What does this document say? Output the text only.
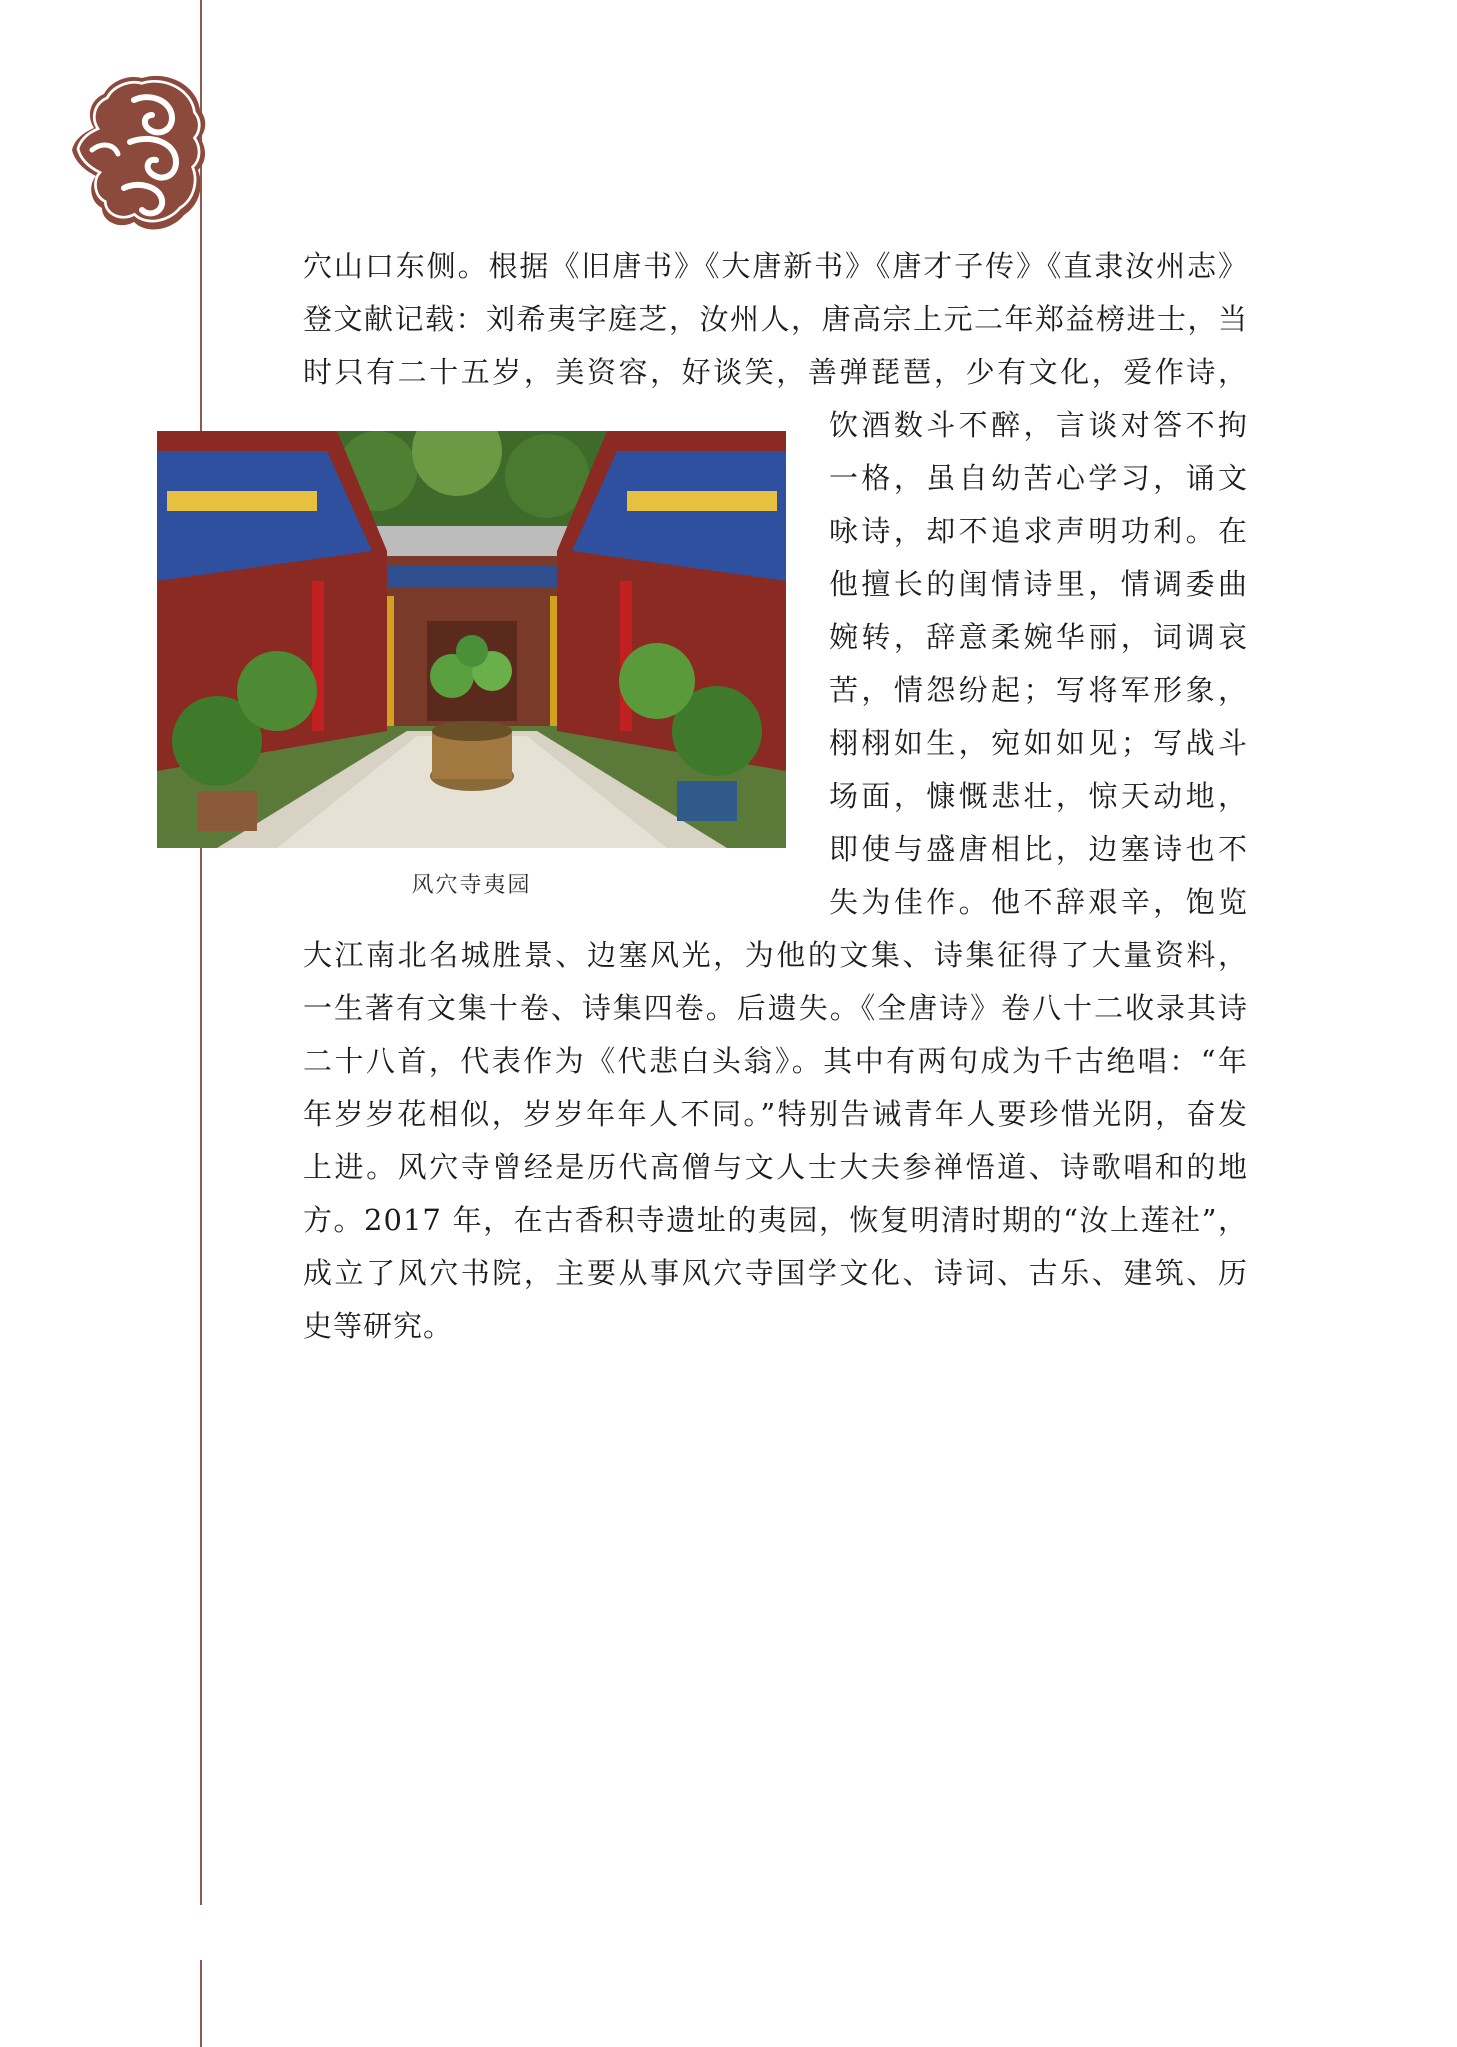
穴山口东侧。根据《旧唐书》《大唐新书》《唐才子传》《直隶汝州志》
登文献记载：刘希夷字庭芝，汝州人，唐高宗上元二年郑益榜进士，当
时只有二十五岁，美资容，好谈笑，善弹琵琶，少有文化，爱作诗，
风穴寺夷园
饮酒数斗不醉，言谈对答不拘
一格，虽自幼苦心学习，诵文
咏诗，却不追求声明功利。在
他擅长的闺情诗里，情调委曲
婉转，辞意柔婉华丽，词调哀
苦，情怨纷起；写将军形象，
栩栩如生，宛如如见；写战斗
场面，慷慨悲壮，惊天动地，
即使与盛唐相比，边塞诗也不
失为佳作。他不辞艰辛，饱览
大江南北名城胜景、边塞风光，为他的文集、诗集征得了大量资料，
一生著有文集十卷、诗集四卷。后遗失。《全唐诗》卷八十二收录其诗
二十八首，代表作为《代悲白头翁》。其中有两句成为千古绝唱：“年
年岁岁花相似，岁岁年年人不同。”特别告诫青年人要珍惜光阴，奋发
上进。风穴寺曾经是历代高僧与文人士大夫参禅悟道、诗歌唱和的地
方。2017 年，在古香积寺遗址的夷园，恢复明清时期的“汝上莲社”，
成立了风穴书院，主要从事风穴寺国学文化、诗词、古乐、建筑、历
史等研究。
